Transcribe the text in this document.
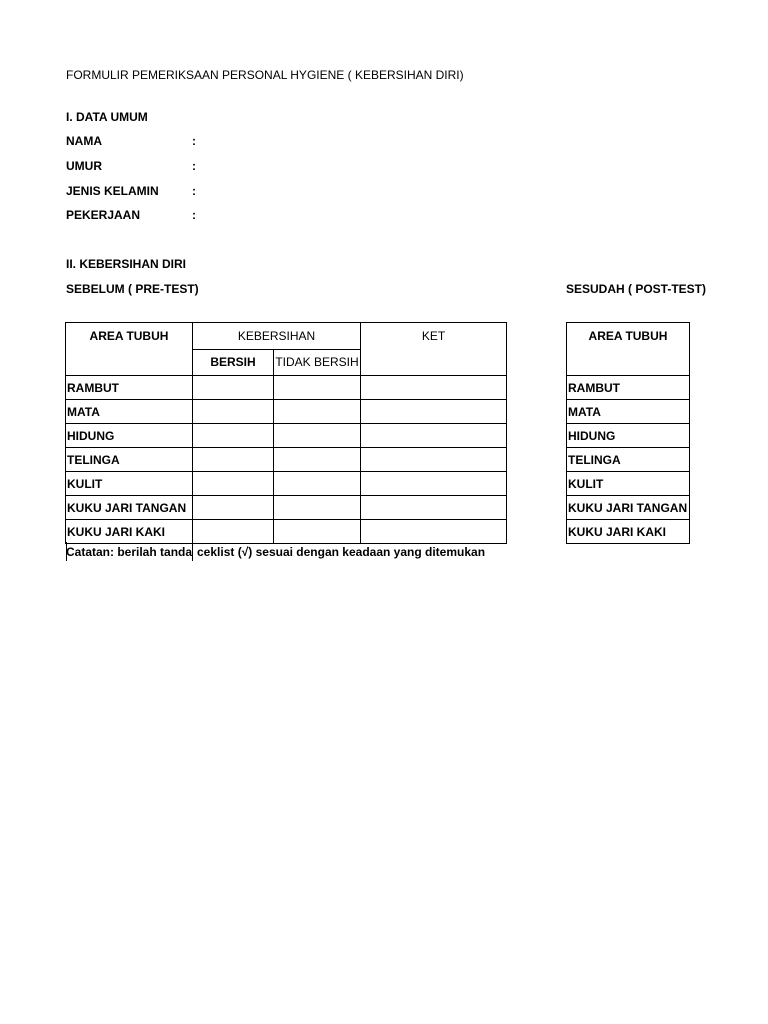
FORMULIR PEMERIKSAAN PERSONAL HYGIENE ( KEBERSIHAN DIRI)
I. DATA UMUM
NAMA	:
UMUR	:
JENIS KELAMIN	:
PEKERJAAN	:
II. KEBERSIHAN DIRI
SEBELUM ( PRE-TEST)	SESUDAH ( POST-TEST)
AREA TUBUH	KEBERSIHAN		KET
	BERSIH	TIDAK BERSIH	
RAMBUT			
MATA			
HIDUNG			
TELINGA			
KULIT			
KUKU JARI TANGAN			
KUKU JARI KAKI			
Catatan: berilah tanda ceklist (√) sesuai dengan keadaan yang ditemukan
AREA TUBUH
RAMBUT
MATA
HIDUNG
TELINGA
KULIT
KUKU JARI TANGAN
KUKU JARI KAKI
